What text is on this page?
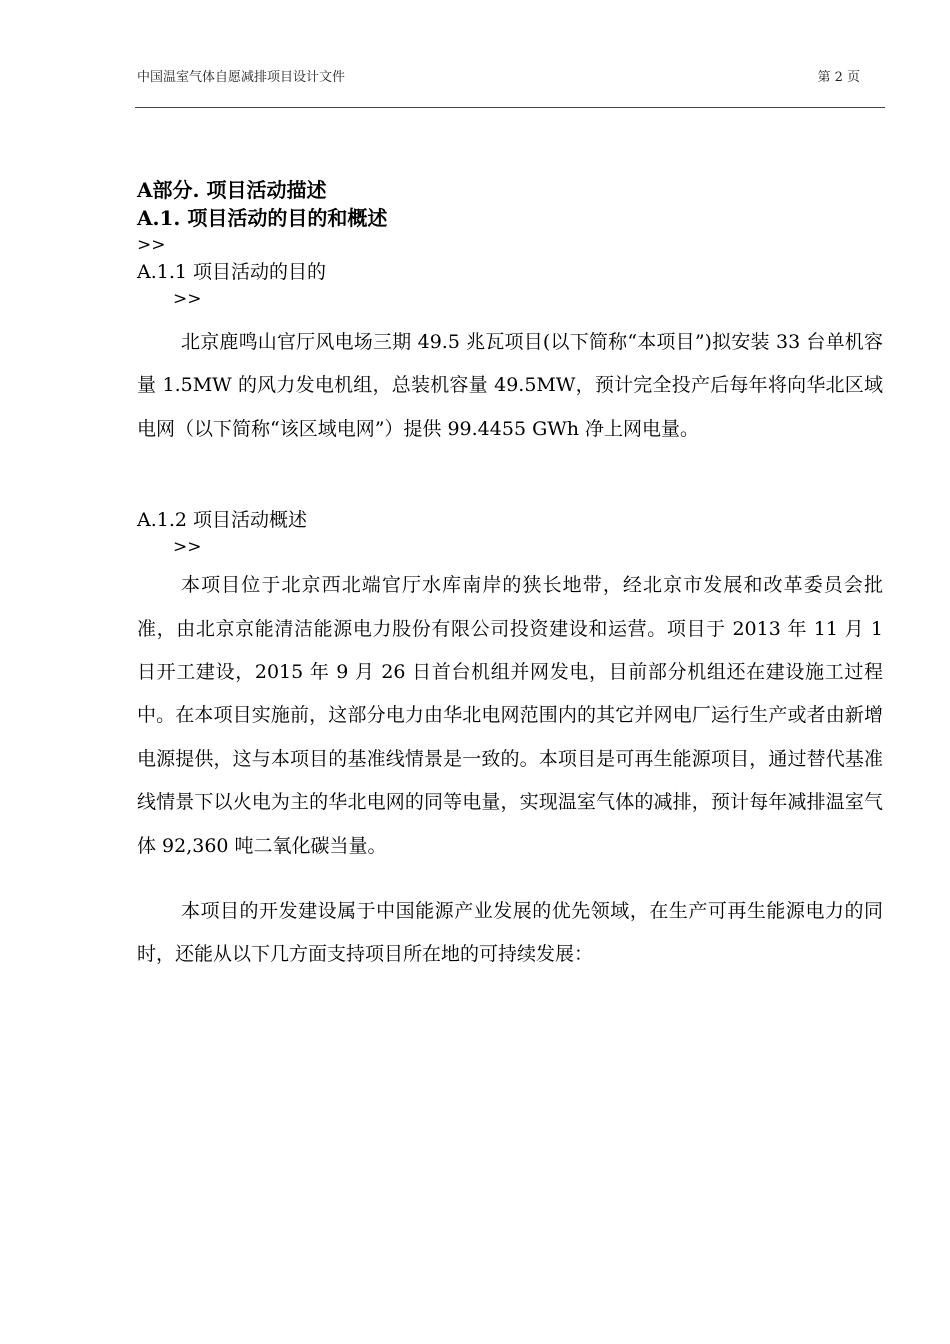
中国温室气体自愿减排项目设计文件	第 2 页
A部分. 项目活动描述
A.1. 项目活动的目的和概述
>>
A.1.1 项目活动的目的
>>

北京鹿鸣山官厅风电场三期 49.5 兆瓦项目(以下简称“本项目”)拟安装 33 台单机容量 1.5MW 的风力发电机组，总装机容量 49.5MW，预计完全投产后每年将向华北区域电网（以下简称“该区域电网”）提供 99.4455 GWh 净上网电量。

A.1.2 项目活动概述
>>

本项目位于北京西北端官厅水库南岸的狭长地带，经北京市发展和改革委员会批准，由北京京能清洁能源电力股份有限公司投资建设和运营。项目于 2013 年 11 月 1 日开工建设，2015 年 9 月 26 日首台机组并网发电，目前部分机组还在建设施工过程中。在本项目实施前，这部分电力由华北电网范围内的其它并网电厂运行生产或者由新增电源提供，这与本项目的基准线情景是一致的。本项目是可再生能源项目，通过替代基准线情景下以火电为主的华北电网的同等电量，实现温室气体的减排，预计每年减排温室气体 92,360 吨二氧化碳当量。

本项目的开发建设属于中国能源产业发展的优先领域，在生产可再生能源电力的同时，还能从以下几方面支持项目所在地的可持续发展：
